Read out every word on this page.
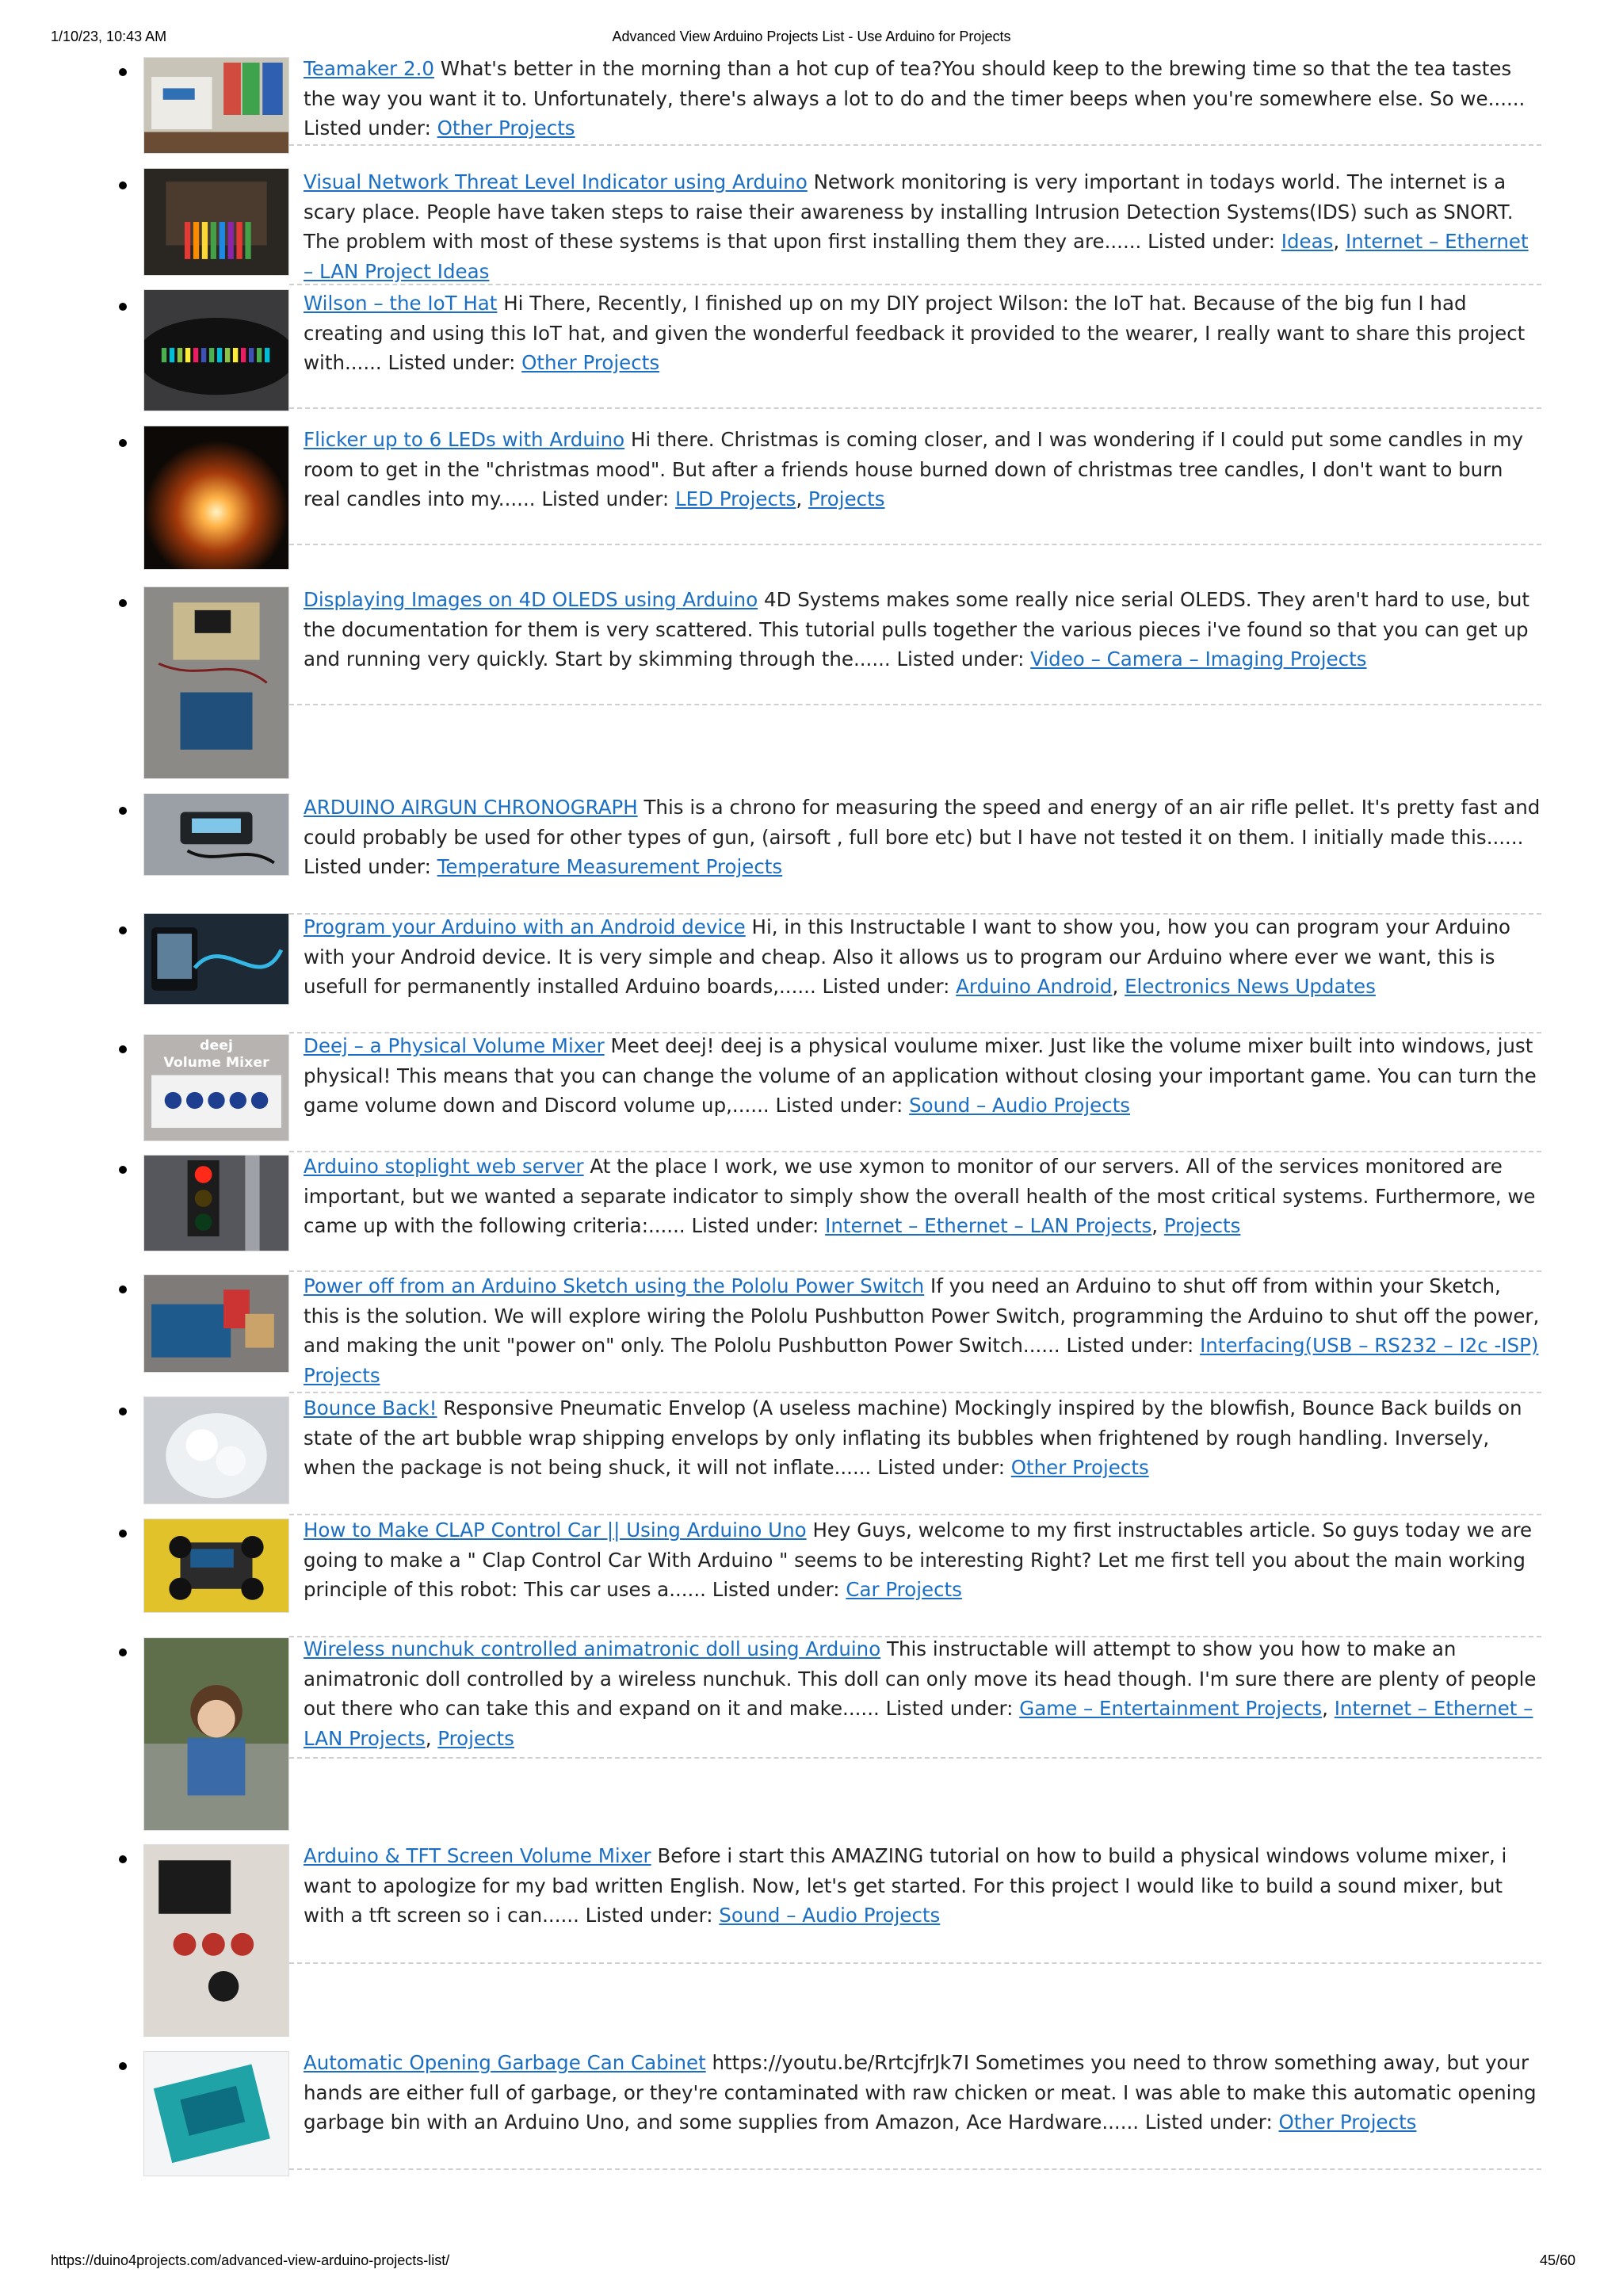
1/10/23, 10:43 AM	Advanced View Arduino Projects List - Use Arduino for Projects
Teamaker 2.0 What's better in the morning than a hot cup of tea?You should keep to the brewing time so that the tea tastes the way you want it to. Unfortunately, there's always a lot to do and the timer beeps when you're somewhere else. So we...... Listed under: Other Projects
Visual Network Threat Level Indicator using Arduino Network monitoring is very important in todays world. The internet is a scary place. People have taken steps to raise their awareness by installing Intrusion Detection Systems(IDS) such as SNORT. The problem with most of these systems is that upon first installing them they are...... Listed under: Ideas, Internet – Ethernet – LAN Project Ideas
Wilson – the IoT Hat Hi There, Recently, I finished up on my DIY project Wilson: the IoT hat. Because of the big fun I had creating and using this IoT hat, and given the wonderful feedback it provided to the wearer, I really want to share this project with...... Listed under: Other Projects
Flicker up to 6 LEDs with Arduino Hi there. Christmas is coming closer, and I was wondering if I could put some candles in my room to get in the "christmas mood". But after a friends house burned down of christmas tree candles, I don't want to burn real candles into my...... Listed under: LED Projects, Projects
Displaying Images on 4D OLEDS using Arduino 4D Systems makes some really nice serial OLEDS. They aren't hard to use, but the documentation for them is very scattered. This tutorial pulls together the various pieces i've found so that you can get up and running very quickly. Start by skimming through the...... Listed under: Video – Camera – Imaging Projects
ARDUINO AIRGUN CHRONOGRAPH This is a chrono for measuring the speed and energy of an air rifle pellet. It's pretty fast and could probably be used for other types of gun, (airsoft , full bore etc) but I have not tested it on them. I initially made this...... Listed under: Temperature Measurement Projects
Program your Arduino with an Android device Hi, in this Instructable I want to show you, how you can program your Arduino with your Android device. It is very simple and cheap. Also it allows us to program our Arduino where ever we want, this is usefull for permanently installed Arduino boards,...... Listed under: Arduino Android, Electronics News Updates
deej
Volume Mixer
Deej – a Physical Volume Mixer Meet deej! deej is a physical voulume mixer. Just like the volume mixer built into windows, just physical! This means that you can change the volume of an application without closing your important game. You can turn the game volume down and Discord volume up,...... Listed under: Sound – Audio Projects
Arduino stoplight web server At the place I work, we use xymon to monitor of our servers. All of the services monitored are important, but we wanted a separate indicator to simply show the overall health of the most critical systems. Furthermore, we came up with the following criteria:...... Listed under: Internet – Ethernet – LAN Projects, Projects
Power off from an Arduino Sketch using the Pololu Power Switch If you need an Arduino to shut off from within your Sketch, this is the solution. We will explore wiring the Pololu Pushbutton Power Switch, programming the Arduino to shut off the power, and making the unit "power on" only. The Pololu Pushbutton Power Switch...... Listed under: Interfacing(USB – RS232 – I2c -ISP) Projects
Bounce Back! Responsive Pneumatic Envelop (A useless machine) Mockingly inspired by the blowfish, Bounce Back builds on state of the art bubble wrap shipping envelops by only inflating its bubbles when frightened by rough handling. Inversely, when the package is not being shuck, it will not inflate...... Listed under: Other Projects
How to Make CLAP Control Car || Using Arduino Uno Hey Guys, welcome to my first instructables article. So guys today we are going to make a " Clap Control Car With Arduino " seems to be interesting Right? Let me first tell you about the main working principle of this robot: This car uses a...... Listed under: Car Projects
Wireless nunchuk controlled animatronic doll using Arduino This instructable will attempt to show you how to make an animatronic doll controlled by a wireless nunchuk. This doll can only move its head though. I'm sure there are plenty of people out there who can take this and expand on it and make...... Listed under: Game – Entertainment Projects, Internet – Ethernet – LAN Projects, Projects
Arduino & TFT Screen Volume Mixer Before i start this AMAZING tutorial on how to build a physical windows volume mixer, i want to apologize for my bad written English. Now, let's get started. For this project I would like to build a sound mixer, but with a tft screen so i can...... Listed under: Sound – Audio Projects
Automatic Opening Garbage Can Cabinet https://youtu.be/RrtcjfrJk7I Sometimes you need to throw something away, but your hands are either full of garbage, or they're contaminated with raw chicken or meat. I was able to make this automatic opening garbage bin with an Arduino Uno, and some supplies from Amazon, Ace Hardware...... Listed under: Other Projects
https://duino4projects.com/advanced-view-arduino-projects-list/	45/60
